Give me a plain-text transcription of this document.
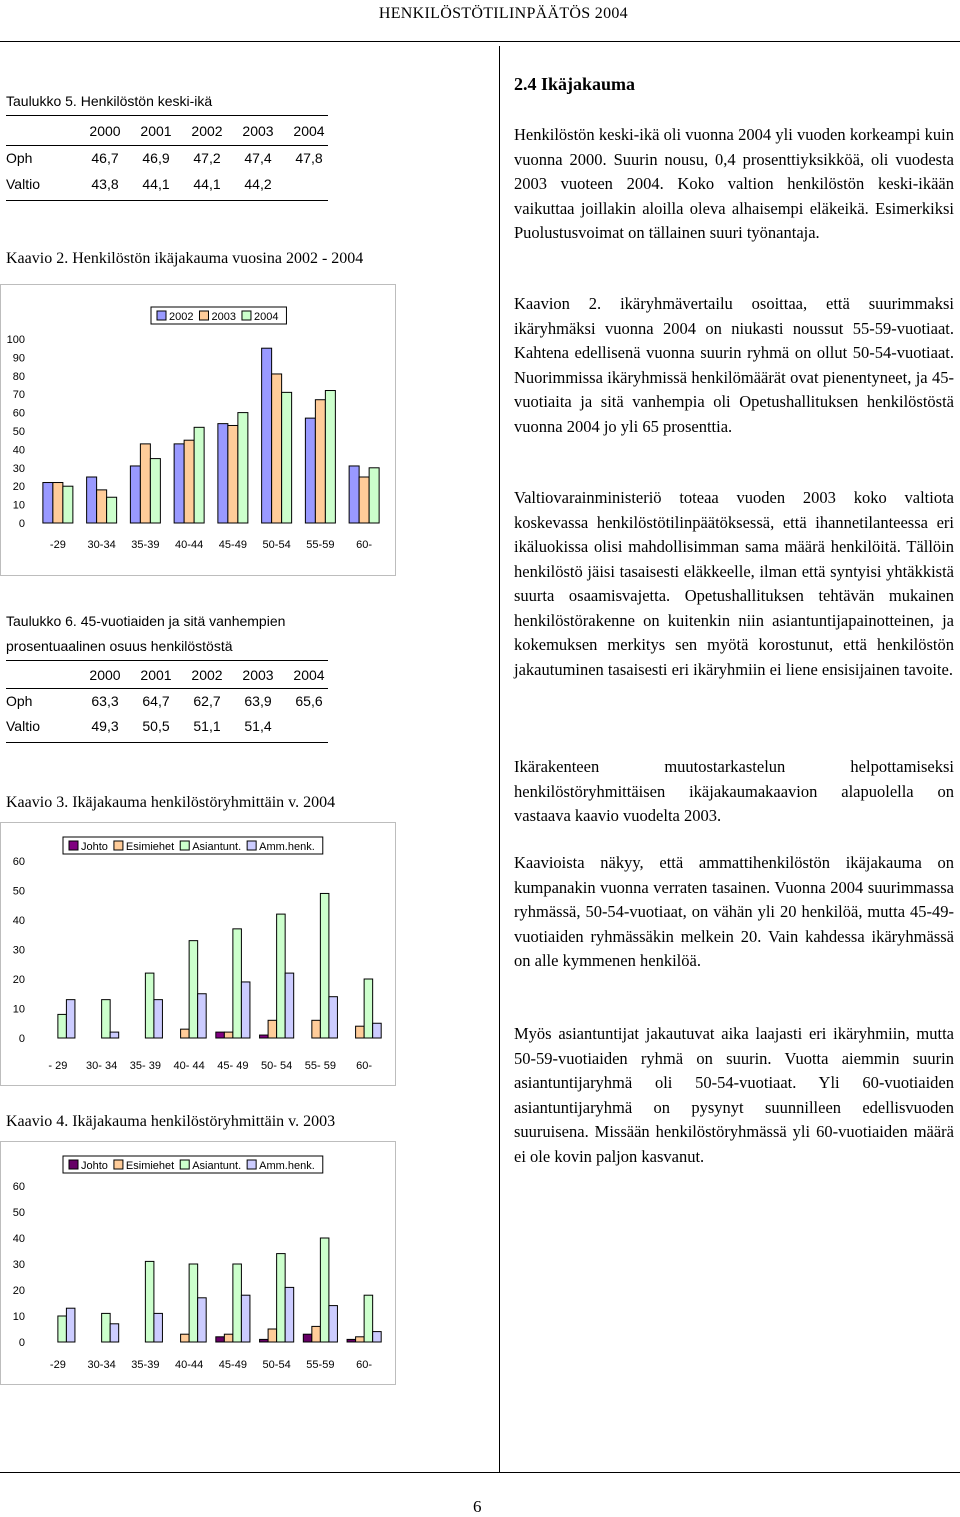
HENKILÖSTÖTILINPÄÄTÖS 2004
Taulukko 5. Henkilöstön keski-ikä
2000	2001	2002	2003	2004
Oph	46,7	46,9	47,2	47,4	47,8
Valtio	43,8	44,1	44,1	44,2
Kaavio 2. Henkilöstön ikäjakauma vuosina 2002 - 2004
0
10
20
30
40
50
60
70
80
90
100
-29 30-34 35-39 40-44 45-49 50-54 55-59 60-
2002 2003 2004
Taulukko 6. 45-vuotiaiden ja sitä vanhempien
prosentuaalinen osuus henkilöstöstä
2000	2001	2002	2003	2004
Oph	63,3	64,7	62,7	63,9	65,6
Valtio	49,3	50,5	51,1	51,4
Kaavio 3. Ikäjakauma henkilöstöryhmittäin v. 2004
0
10
20
30
40
50
60
- 29 30- 34 35- 39 40- 44 45- 49 50- 54 55- 59 60-
Johto Esimiehet Asiantunt. Amm.henk.
Kaavio 4. Ikäjakauma henkilöstöryhmittäin v. 2003
0
10
20
30
40
50
60
-29 30-34 35-39 40-44 45-49 50-54 55-59 60-
Johto Esimiehet Asiantunt. Amm.henk.
2.4 Ikäjakauma

Henkilöstön keski-ikä oli vuonna 2004 yli vuoden korkeampi kuin vuonna 2000. Suurin nousu, 0,4 prosenttiyksikköä, oli vuodesta 2003 vuoteen 2004. Koko valtion henkilöstön keski-ikään vaikuttaa joillakin aloilla oleva alhaisempi eläkeikä. Esimerkiksi Puolustusvoimat on tällainen suuri työnantaja.

Kaavion 2. ikäryhmävertailu osoittaa, että suurimmaksi ikäryhmäksi vuonna 2004 on niukasti noussut 55-59-vuotiaat. Kahtena edellisenä vuonna suurin ryhmä on ollut 50-54-vuotiaat. Nuorimmissa ikäryhmissä henkilömäärät ovat pienentyneet, ja 45-vuotiaita ja sitä vanhempia oli Opetushallituksen henkilöstöstä vuonna 2004 jo yli 65 prosenttia.

Valtiovarainministeriö toteaa vuoden 2003 koko valtiota koskevassa henkilöstötilinpäätöksessä, että ihannetilanteessa eri ikäluokissa olisi mahdollisimman sama määrä henkilöitä. Tällöin henkilöstö jäisi tasaisesti eläkkeelle, ilman että syntyisi yhtäkkistä suurta osaamisvajetta. Opetushallituksen tehtävän mukainen henkilöstörakenne on kuitenkin niin asiantuntijapainotteinen, ja kokemuksen merkitys sen myötä korostunut, että henkilöstön jakautuminen tasaisesti eri ikäryhmiin ei liene ensisijainen tavoite.

Ikärakenteen muutostarkastelun helpottamiseksi henkilöstöryhmittäisen ikäjakaumakaavion alapuolella on vastaava kaavio vuodelta 2003.

Kaavioista näkyy, että ammattihenkilöstön ikäjakauma on kumpanakin vuonna verraten tasainen. Vuonna 2004 suurimmassa ryhmässä, 50-54-vuotiaat, on vähän yli 20 henkilöä, mutta 45-49-vuotiaiden ryhmässäkin melkein 20. Vain kahdessa ikäryhmässä on alle kymmenen henkilöä.

Myös asiantuntijat jakautuvat aika laajasti eri ikäryhmiin, mutta 50-59-vuotiaiden ryhmä on suurin. Vuotta aiemmin suurin asiantuntijaryhmä oli 50-54-vuotiaat. Yli 60-vuotiaiden asiantuntijaryhmä on pysynyt suunnilleen edellisvuoden suuruisena. Missään henkilöstöryhmässä yli 60-vuotiaiden määrä ei ole kovin paljon kasvanut.

6
